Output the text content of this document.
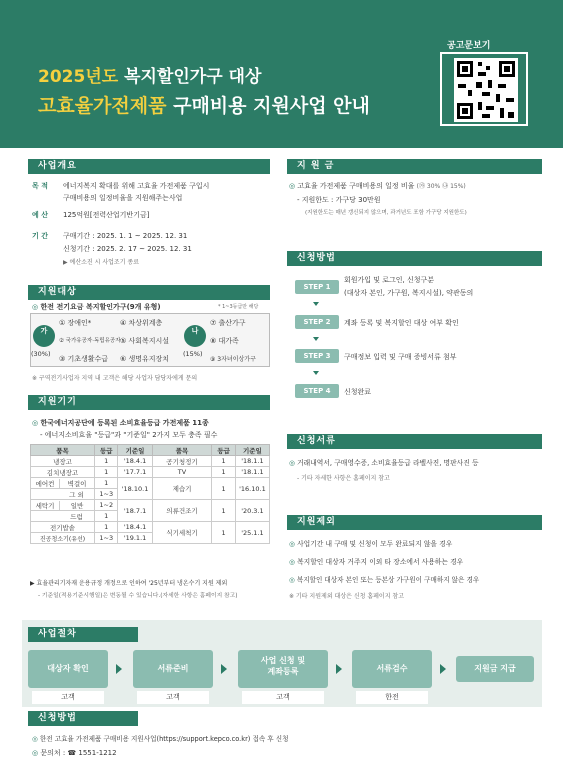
2025년도 복지할인가구 대상
고효율가전제품 구매비용 지원사업 안내
공고문보기
사업개요
목 적 에너지복지 확대를 위해 고효율 가전제품 구입시
구매비용의 일정비율을 지원해주는사업
예 산 125억원[전력산업기반기금]
기 간 구매기간 : 2025. 1. 1 ~ 2025. 12. 31
신청기간 : 2025. 2. 17 ~ 2025. 12. 31
▶ 예산소진 시 사업조기 종료
지원대상
◎ 한전 전기요금 복지할인가구(9개 유형)	* 1~3등급만 해당
가
(30%)
① 장애인*	④ 차상위계층
② 국가유공자·독립유공자 ⑤ 사회복지시설
③ 기초생활수급 ⑥ 생명유지장치
나
(15%)
⑦ 출산가구
⑧ 대가족
⑨ 3자녀이상가구
※ 구역전기사업자 지역 내 고객은 해당 사업자 담당자에게 문의
지원기기
◎ 한국에너지공단에 등록된 소비효율등급 가전제품 11종
- 에너지소비효율 "등급"과 "기준일" 2가지 모두 충족 필수
품목	등급	기준일	품목	등급	기준일
냉장고	1	'18.4.1	공기청정기	1	'18.1.1
김치냉장고	1	'17.7.1	TV	1	'18.1.1

에어컨 벽걸이	1	'18.10.1	제습기	1	'16.10.1
그 외	1~3				

세탁기 일반	1~2	'18.7.1	의류건조기	1	'20.3.1
드럼	1				
전기밥솥	1	'18.4.1	식기세척기	1	'25.1.1
진공청소기(유선)	1~3	'19.1.1			
▶ 효율관리기자재 운용규정 개정으로 인하여 '25년부터 냉온수기 지원 제외
- 기준일(적용기준시행일)은 변동될 수 있습니다.(자세한 사항은 홈페이지 참고)
지 원 금
◎ 고효율 가전제품 구매비용의 일정 비율 (㉮ 30% ㉯ 15%)
- 지원한도 : 가구당 30만원
(지원한도는 매년 갱신되지 않으며, 과거년도 포함 가구당 지원한도)
신청방법
STEP 1
회원가입 및 로그인, 신청구분
(대상자 본인, 가구원, 복지시설), 약관동의
STEP 2	계좌 등록 및 복지할인 대상 여부 확인
STEP 3	구매정보 입력 및 구매 증빙서류 첨부
STEP 4	신청완료
신청서류
◎ 거래내역서, 구매영수증, 소비효율등급 라벨사진, 명판사진 등
- 기타 자세한 사항은 홈페이지 참고
지원제외
◎ 사업기간 내 구매 및 신청이 모두 완료되지 않을 경우
◎ 복지할인 대상자 거주지 이외 타 장소에서 사용하는 경우
◎ 복지할인 대상자 본인 또는 등본상 가구원이 구매하지 않은 경우
※ 기타 지원제외 대상은 신청 홈페이지 참고
사업절차
대상자 확인
고객
서류준비
고객
사업 신청 및
계좌등록
고객
서류검수
한전
지원금 지급
신청방법
◎ 한전 고효율 가전제품 구매비용 지원사업(https://support.kepco.co.kr) 접속 후 신청
◎ 문의처 : ☎ 1551-1212
